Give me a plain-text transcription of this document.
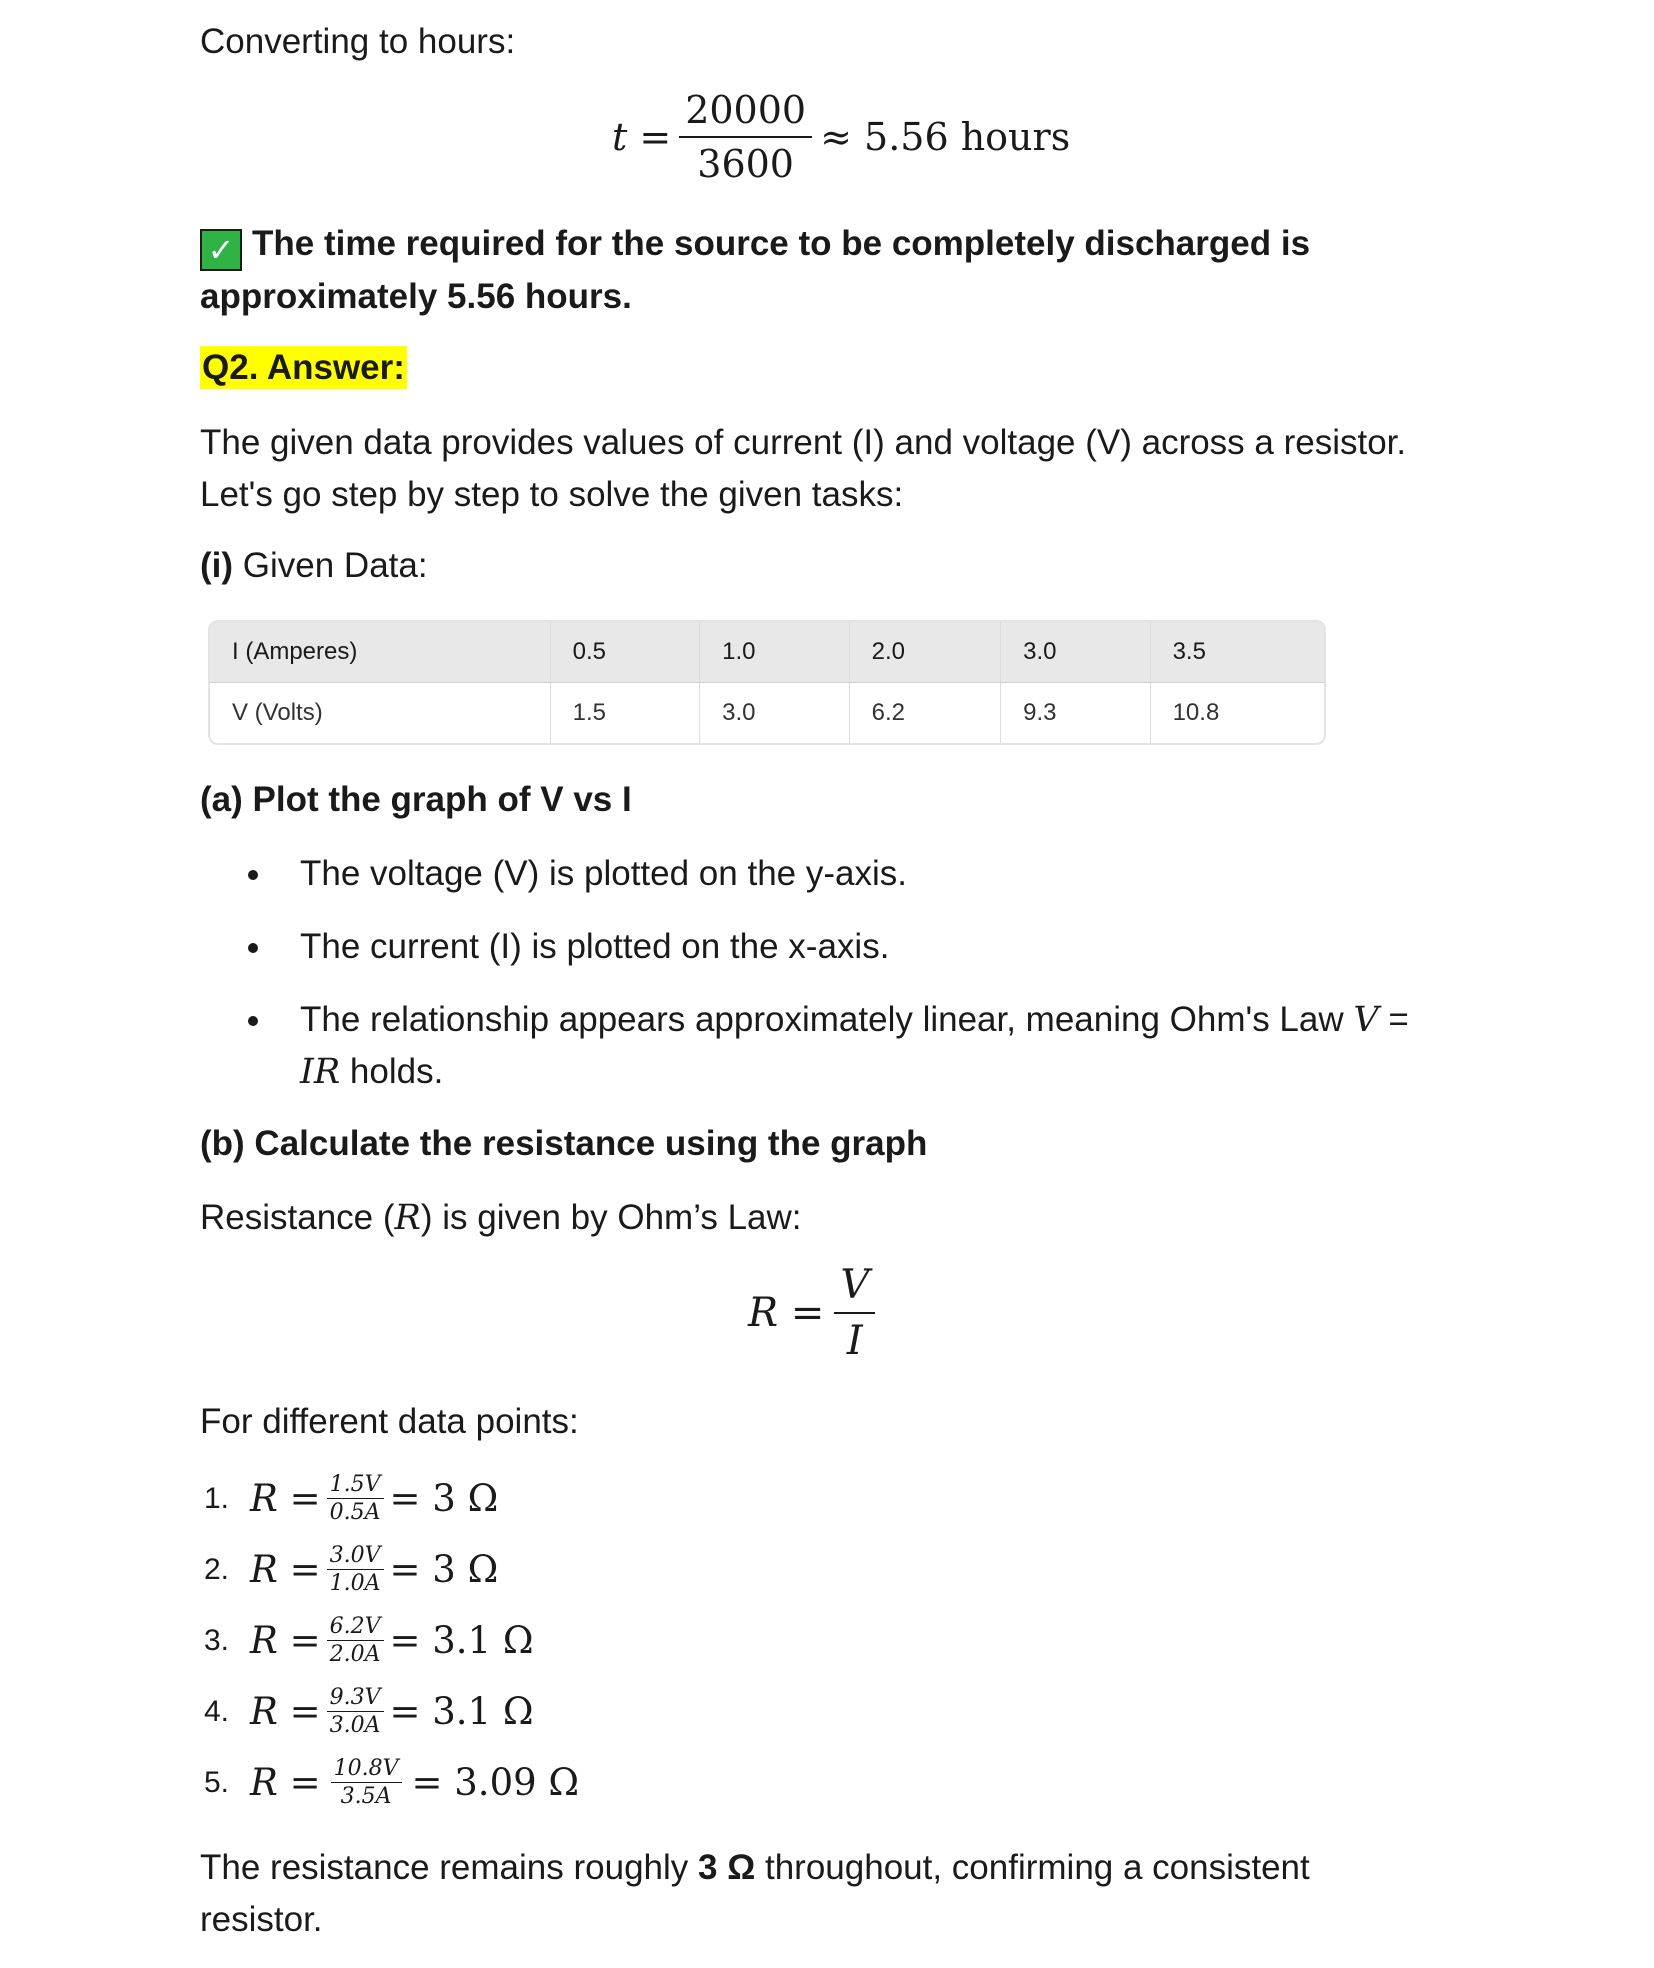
Converting to hours:
$t = \frac{20000}{3600} \approx 5.56$ hours
✓ The time required for the source to be completely discharged is
approximately 5.56 hours.
Q2. Answer:
The given data provides values of current (I) and voltage (V) across a resistor.
Let's go step by step to solve the given tasks:
(i) Given Data:
I (Amperes)	0.5	1.0	2.0	3.0	3.5
V (Volts)	1.5	3.0	6.2	9.3	10.8
(a) Plot the graph of V vs I
The voltage (V) is plotted on the y-axis.
The current (I) is plotted on the x-axis.
The relationship appears approximately linear, meaning Ohm's Law V =
IR holds.
(b) Calculate the resistance using the graph
Resistance (R) is given by Ohm’s Law:
$R = \frac{V}{I}$
For different data points:
1. $R = \frac{1.5V}{0.5A} = 3$ Ω
2. $R = \frac{3.0V}{1.0A} = 3$ Ω
3. $R = \frac{6.2V}{2.0A} = 3.1$ Ω
4. $R = \frac{9.3V}{3.0A} = 3.1$ Ω
5. $R = \frac{10.8V}{3.5A} = 3.09$ Ω
The resistance remains roughly 3 Ω throughout, confirming a consistent
resistor.
